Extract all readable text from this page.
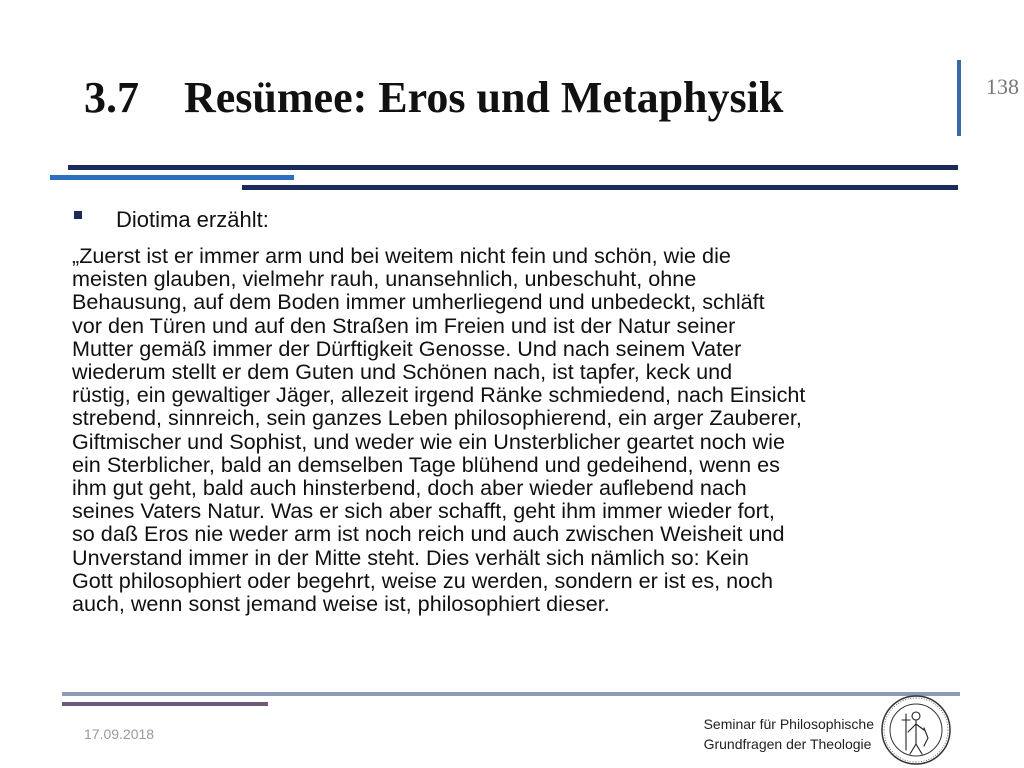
3.7 Resümee: Eros und Metaphysik	138
Diotima erzählt:
„Zuerst ist er immer arm und bei weitem nicht fein und schön, wie die
meisten glauben, vielmehr rauh, unansehnlich, unbeschuht, ohne
Behausung, auf dem Boden immer umherliegend und unbedeckt, schläft
vor den Türen und auf den Straßen im Freien und ist der Natur seiner
Mutter gemäß immer der Dürftigkeit Genosse. Und nach seinem Vater
wiederum stellt er dem Guten und Schönen nach, ist tapfer, keck und
rüstig, ein gewaltiger Jäger, allezeit irgend Ränke schmiedend, nach Einsicht
strebend, sinnreich, sein ganzes Leben philosophierend, ein arger Zauberer,
Giftmischer und Sophist, und weder wie ein Unsterblicher geartet noch wie
ein Sterblicher, bald an demselben Tage blühend und gedeihend, wenn es
ihm gut geht, bald auch hinsterbend, doch aber wieder auflebend nach
seines Vaters Natur. Was er sich aber schafft, geht ihm immer wieder fort,
so daß Eros nie weder arm ist noch reich und auch zwischen Weisheit und
Unverstand immer in der Mitte steht. Dies verhält sich nämlich so: Kein
Gott philosophiert oder begehrt, weise zu werden, sondern er ist es, noch
auch, wenn sonst jemand weise ist, philosophiert dieser.
17.09.2018
Seminar für Philosophische
Grundfragen der Theologie
